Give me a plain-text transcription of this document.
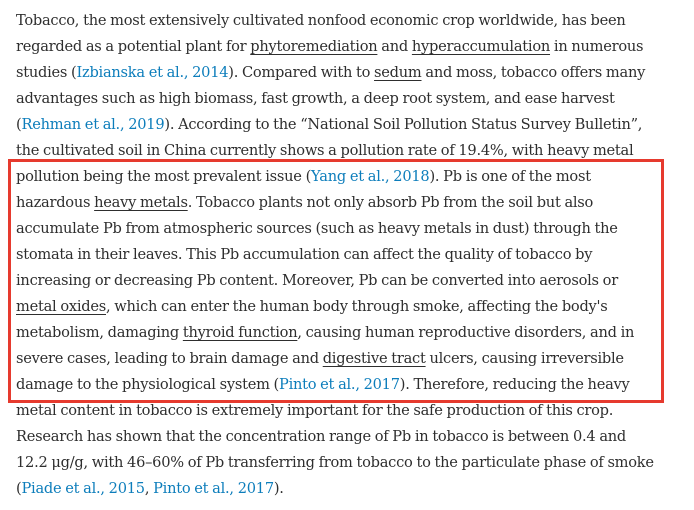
Tobacco, the most extensively cultivated nonfood economic crop worldwide, has been
regarded as a potential plant for phytoremediation and hyperaccumulation in numerous
studies (Izbianska et al., 2014). Compared with to sedum and moss, tobacco offers many
advantages such as high biomass, fast growth, a deep root system, and ease harvest
(Rehman et al., 2019). According to the “National Soil Pollution Status Survey Bulletin”,
the cultivated soil in China currently shows a pollution rate of 19.4%, with heavy metal
pollution being the most prevalent issue (Yang et al., 2018). Pb is one of the most
hazardous heavy metals. Tobacco plants not only absorb Pb from the soil but also
accumulate Pb from atmospheric sources (such as heavy metals in dust) through the
stomata in their leaves. This Pb accumulation can affect the quality of tobacco by
increasing or decreasing Pb content. Moreover, Pb can be converted into aerosols or
metal oxides, which can enter the human body through smoke, affecting the body's
metabolism, damaging thyroid function, causing human reproductive disorders, and in
severe cases, leading to brain damage and digestive tract ulcers, causing irreversible
damage to the physiological system (Pinto et al., 2017). Therefore, reducing the heavy
metal content in tobacco is extremely important for the safe production of this crop.
Research has shown that the concentration range of Pb in tobacco is between 0.4 and
12.2 μg/g, with 46–60% of Pb transferring from tobacco to the particulate phase of smoke
(Piade et al., 2015, Pinto et al., 2017).
